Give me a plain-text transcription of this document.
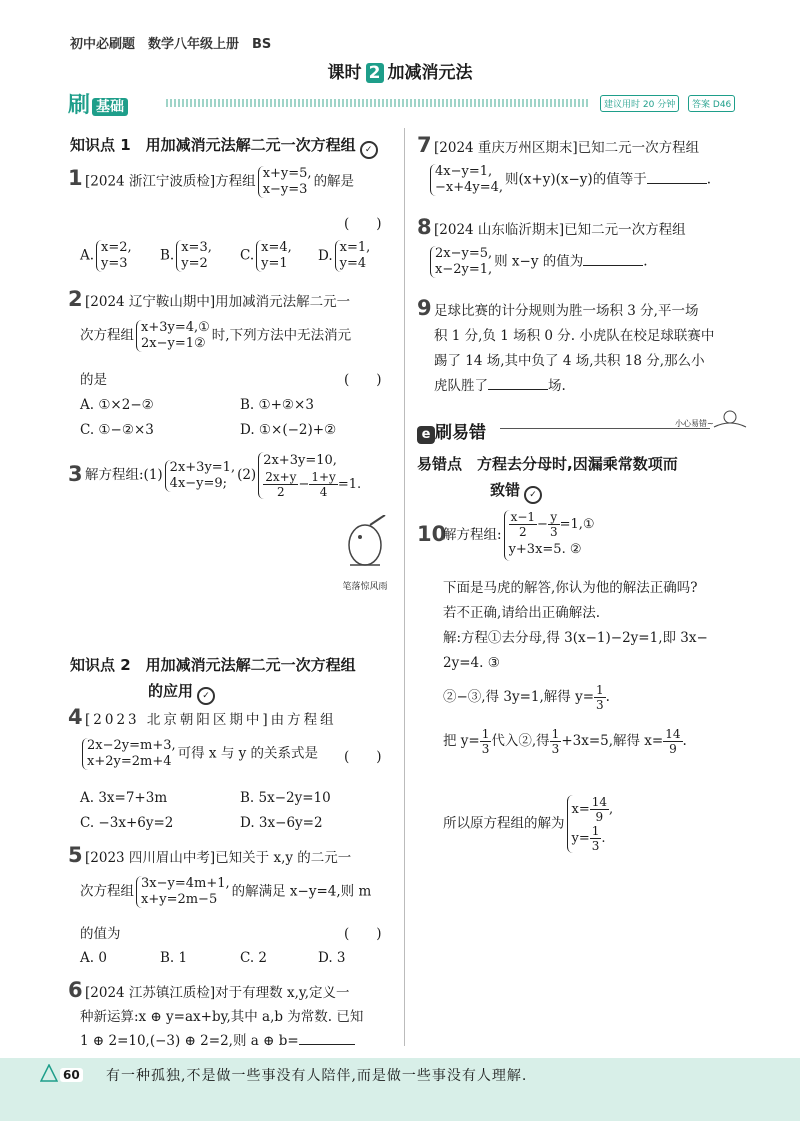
初中必刷题　数学八年级上册　BS
课时 2 加减消元法
刷基础	建议用时 20 分钟	答案 D46
知识点 1　用加减消元法解二元一次方程组 ✓
1 [2024 浙江宁波质检]方程组 x+y=5,
x−y=3 的解是
(　　)
A. x=2,
y=3 B. x=3,
y=2 C. x=4,
y=1 D. x=1,
y=4
2 [2024 辽宁鞍山期中]用加减消元法解二元一
次方程组 x+3y=4,①
2x−y=1② 时,下列方法中无法消元
的是	(　　)
A. ①×2−②	B. ①+②×3
C. ①−②×3	D. ①×(−2)+②
3 解方程组:(1) 2x+3y=1,
4x−y=9; (2)2x+3y=10,

$\frac{2x+y}{2} - \frac{1+y}{4} =1$.
笔落惊风雨
知识点 2　用加减消元法解二元一次方程组
的应用 ✓
4 [2023 北京朝阳区期中]由方程组
2x−2y=m+3,
x+2y=2m+4 可得 x 与 y 的关系式是 (　　)
A. 3x=7+3m	B. 5x−2y=10
C. −3x+6y=2	D. 3x−6y=2
5 [2023 四川眉山中考]已知关于 x,y 的二元一
次方程组 3x−y=4m+1,
x+y=2m−5 的解满足 x−y=4,则 m
的值为	(　　)
A. 0	B. 1	C. 2	D. 3
6 [2024 江苏镇江质检]对于有理数 x,y,定义一
种新运算:x ⊕ y=ax+by,其中 a,b 为常数. 已知
1 ⊕ 2=10,(−3) ⊕ 2=2,则 a ⊕ b=
7 [2024 重庆万州区期末]已知二元一次方程组
4x−y=1,
−x+4y=4, 则(x+y)(x−y)的值等于	.
8 [2024 山东临沂期末]已知二元一次方程组
2x−y=5,
x−2y=1, 则 x−y 的值为	.
9 足球比赛的计分规则为胜一场积 3 分,平一场
积 1 分,负 1 场积 0 分. 小虎队在校足球联赛中
踢了 14 场,其中负了 4 场,共积 18 分,那么小
虎队胜了	场.
e 刷易错	小心易错~
易错点　方程去分母时,因漏乘常数项而
致错 ✓
10
解方程组: $\frac{x-1}{2} - \frac{y}{3}$ =1,①
y+3x=5. ②
下面是马虎的解答,你认为他的解法正确吗?
若不正确,请给出正确解法.
解:方程①去分母,得 3(x−1)−2y=1,即 3x−
2y=4. ③
②−③,得 3y=1,解得 $y= \frac{1}{3}$ .
把 $y= \frac{1}{3}$ 代入②,得 $\frac{1}{3} +3x=5$,解得 $x= \frac{14}{9}$ .
所以原方程组的解为$x= \frac{14}{9}$ ,
$y= \frac{1}{3}$ .
60 有一种孤独,不是做一些事没有人陪伴,而是做一些事没有人理解.
